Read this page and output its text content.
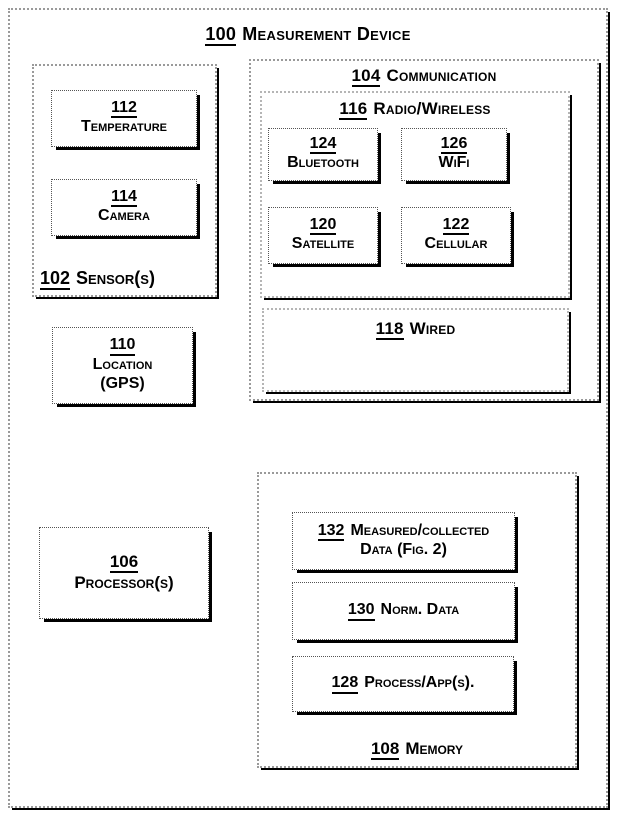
100 Measurement Device
112
Temperature
114
Camera
102 Sensor(s)
110
Location
(GPS)
104 Communication
116 Radio/Wireless
124
Bluetooth
126
WiFi
120
Satellite
122
Cellular
118 Wired
106
Processor(s)
132 Measured/collected
Data (Fig. 2)
130 Norm. Data
128 Process/App(s).
108 Memory
